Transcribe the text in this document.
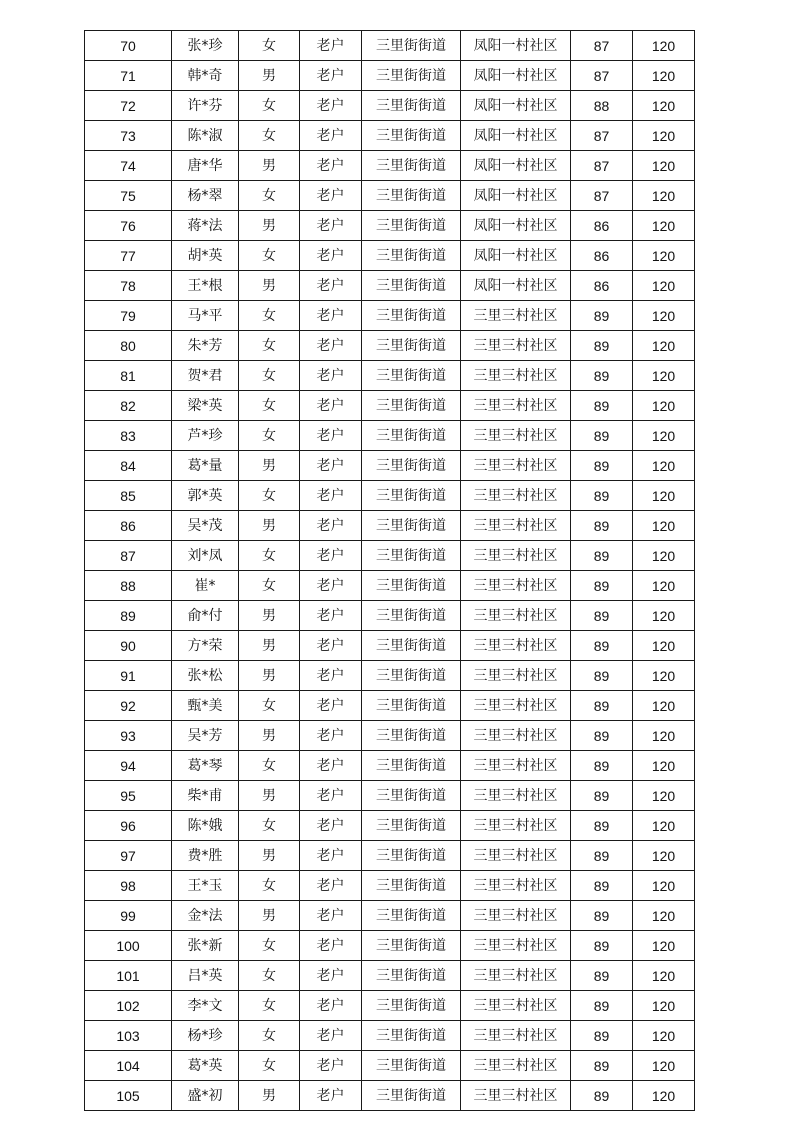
70	张*珍	女	老户	三里街街道	凤阳一村社区	87	120
71	韩*奇	男	老户	三里街街道	凤阳一村社区	87	120
72	许*芬	女	老户	三里街街道	凤阳一村社区	88	120
73	陈*淑	女	老户	三里街街道	凤阳一村社区	87	120
74	唐*华	男	老户	三里街街道	凤阳一村社区	87	120
75	杨*翠	女	老户	三里街街道	凤阳一村社区	87	120
76	蒋*法	男	老户	三里街街道	凤阳一村社区	86	120
77	胡*英	女	老户	三里街街道	凤阳一村社区	86	120
78	王*根	男	老户	三里街街道	凤阳一村社区	86	120
79	马*平	女	老户	三里街街道	三里三村社区	89	120
80	朱*芳	女	老户	三里街街道	三里三村社区	89	120
81	贺*君	女	老户	三里街街道	三里三村社区	89	120
82	梁*英	女	老户	三里街街道	三里三村社区	89	120
83	芦*珍	女	老户	三里街街道	三里三村社区	89	120
84	葛*量	男	老户	三里街街道	三里三村社区	89	120
85	郭*英	女	老户	三里街街道	三里三村社区	89	120
86	吴*茂	男	老户	三里街街道	三里三村社区	89	120
87	刘*凤	女	老户	三里街街道	三里三村社区	89	120
88	崔*	女	老户	三里街街道	三里三村社区	89	120
89	俞*付	男	老户	三里街街道	三里三村社区	89	120
90	方*荣	男	老户	三里街街道	三里三村社区	89	120
91	张*松	男	老户	三里街街道	三里三村社区	89	120
92	甄*美	女	老户	三里街街道	三里三村社区	89	120
93	吴*芳	男	老户	三里街街道	三里三村社区	89	120
94	葛*琴	女	老户	三里街街道	三里三村社区	89	120
95	柴*甫	男	老户	三里街街道	三里三村社区	89	120
96	陈*娥	女	老户	三里街街道	三里三村社区	89	120
97	费*胜	男	老户	三里街街道	三里三村社区	89	120
98	王*玉	女	老户	三里街街道	三里三村社区	89	120
99	金*法	男	老户	三里街街道	三里三村社区	89	120
100	张*新	女	老户	三里街街道	三里三村社区	89	120
101	吕*英	女	老户	三里街街道	三里三村社区	89	120
102	李*文	女	老户	三里街街道	三里三村社区	89	120
103	杨*珍	女	老户	三里街街道	三里三村社区	89	120
104	葛*英	女	老户	三里街街道	三里三村社区	89	120
105	盛*初	男	老户	三里街街道	三里三村社区	89	120
